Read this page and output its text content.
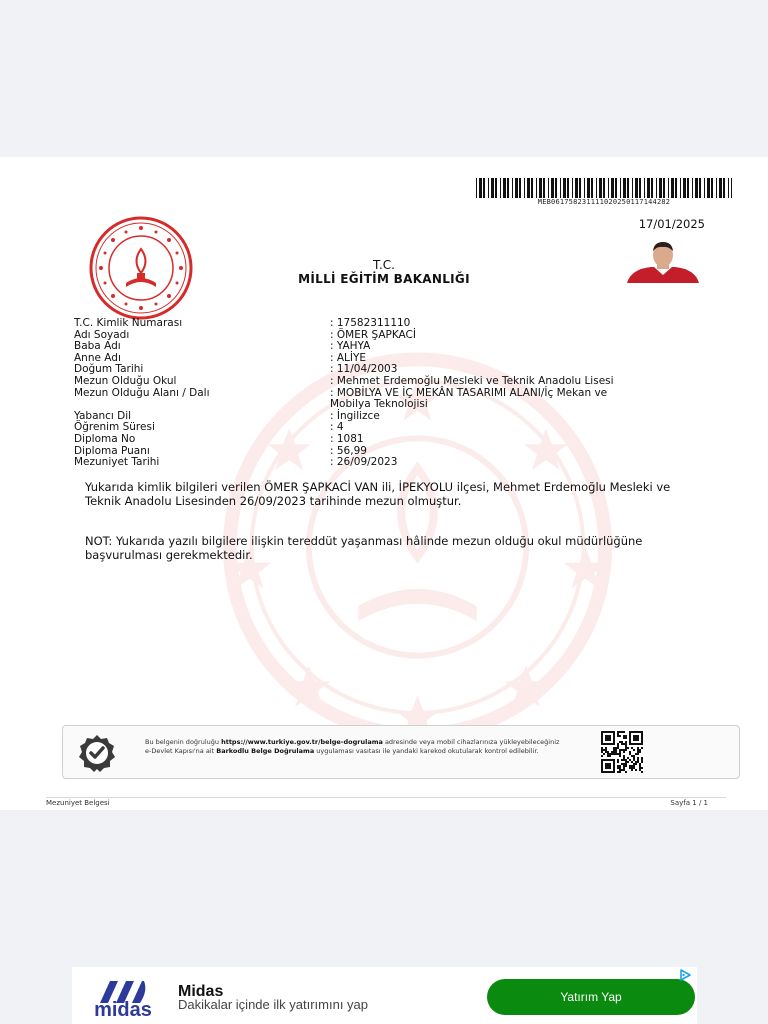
MEB061758231111020250117144282
17/01/2025
T.C.
MİLLİ EĞİTİM BAKANLIĞI
T.C. Kimlik Numarası	: 17582311110
Adı Soyadı	: ÖMER ŞAPKACİ
Baba Adı	: YAHYA
Anne Adı	: ALİYE
Doğum Tarihi	: 11/04/2003
Mezun Olduğu Okul	: Mehmet Erdemoğlu Mesleki ve Teknik Anadolu Lisesi
Mezun Olduğu Alanı / Dalı	: MOBİLYA VE İÇ MEKÂN TASARIMI ALANI/İç Mekan ve
Mobilya Teknolojisi
Yabancı Dil	: İngilizce
Öğrenim Süresi	: 4
Diploma No	: 1081
Diploma Puanı	: 56,99
Mezuniyet Tarihi	: 26/09/2023
Yukarıda kimlik bilgileri verilen ÖMER ŞAPKACİ VAN ili, İPEKYOLU ilçesi, Mehmet Erdemoğlu Mesleki ve Teknik Anadolu Lisesinden 26/09/2023 tarihinde mezun olmuştur.
NOT: Yukarıda yazılı bilgilere ilişkin tereddüt yaşanması hâlinde mezun olduğu okul müdürlüğüne başvurulması gerekmektedir.
Bu belgenin doğruluğu https://www.turkiye.gov.tr/belge-dogrulama adresinde veya mobil cihazlarınıza yükleyebileceğiniz e-Devlet Kapısı'na ait Barkodlu Belge Doğrulama uygulaması vasıtası ile yandaki karekod okutularak kontrol edilebilir.
Mezuniyet Belgesi	Sayfa 1 / 1
midas
Midas
Dakikalar içinde ilk yatırımını yap	Yatırım Yap
